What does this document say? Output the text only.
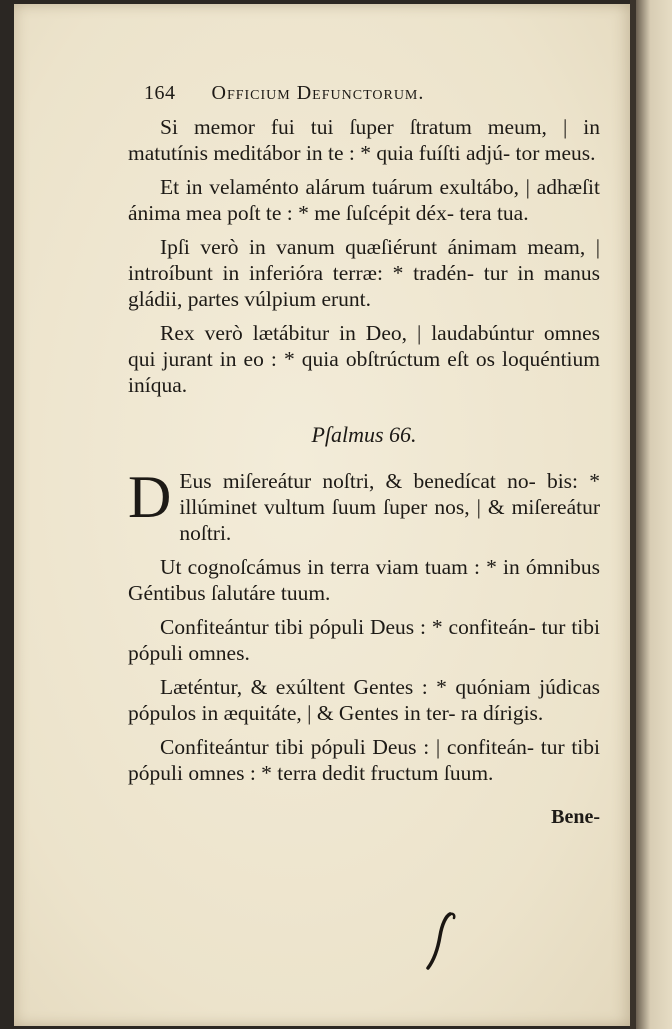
164 Officium Defunctorum.

Si memor fui tui ſuper ſtratum meum, | in matutínis meditábor in te : * quia fuíſti adjú- tor meus.

Et in velaménto alárum tuárum exultábo, | adhæſit ánima mea poſt te : * me ſuſcépit déx- tera tua.

Ipſi verò in vanum quæſiérunt ánimam meam, | introíbunt in inferióra terræ: * tradén- tur in manus gládii, partes vúlpium erunt.

Rex verò lætábitur in Deo, | laudabúntur omnes qui jurant in eo : * quia obſtrúctum eſt os loquéntium iníqua.

Pſalmus 66.

D Eus miſereátur noſtri, & benedícat no- bis: * illúminet vultum ſuum ſuper nos, | & miſereátur noſtri.

Ut cognoſcámus in terra viam tuam : * in ómnibus Géntibus ſalutáre tuum.

Confiteántur tibi pópuli Deus : * confiteán- tur tibi pópuli omnes.

Læténtur, & exúltent Gentes : * quóniam júdicas pópulos in æquitáte, | & Gentes in ter- ra dírigis.

Confiteántur tibi pópuli Deus : | confiteán- tur tibi pópuli omnes : * terra dedit fructum ſuum.

Bene-
